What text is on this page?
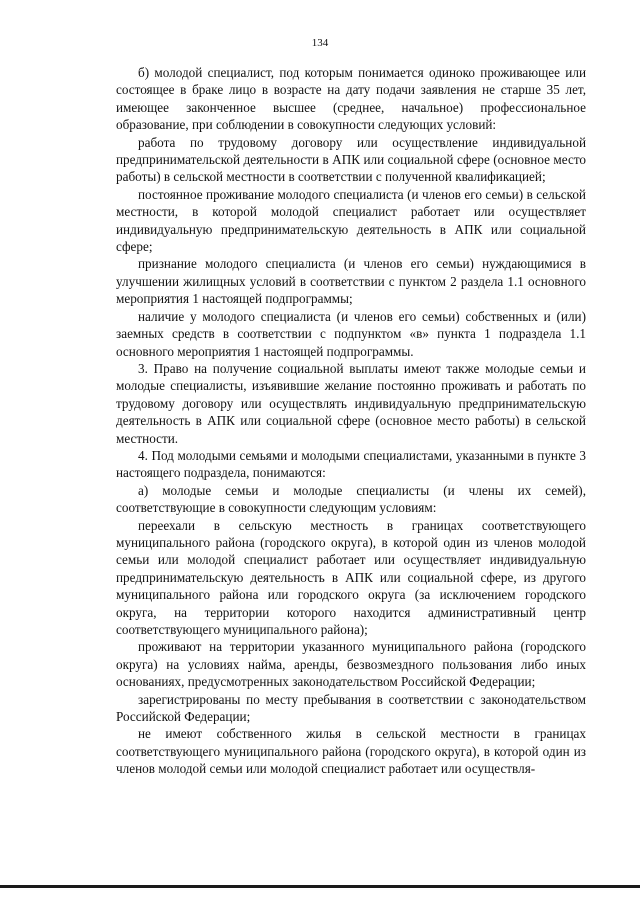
134

б) молодой специалист, под которым понимается одиноко проживающее или состоящее в браке лицо в возрасте на дату подачи заявления не старше 35 лет, имеющее законченное высшее (среднее, начальное) профессиональное образование, при соблюдении в совокупности следующих условий:

работа по трудовому договору или осуществление индивидуальной предпринимательской деятельности в АПК или социальной сфере (основное место работы) в сельской местности в соответствии с полученной квалификацией;

постоянное проживание молодого специалиста (и членов его семьи) в сельской местности, в которой молодой специалист работает или осуществляет индивидуальную предпринимательскую деятельность в АПК или социальной сфере;

признание молодого специалиста (и членов его семьи) нуждающимися в улучшении жилищных условий в соответствии с пунктом 2 раздела 1.1 основного мероприятия 1 настоящей подпрограммы;

наличие у молодого специалиста (и членов его семьи) собственных и (или) заемных средств в соответствии с подпунктом «в» пункта 1 подраздела 1.1 основного мероприятия 1 настоящей подпрограммы.

3. Право на получение социальной выплаты имеют также молодые семьи и молодые специалисты, изъявившие желание постоянно проживать и работать по трудовому договору или осуществлять индивидуальную предпринимательскую деятельность в АПК или социальной сфере (основное место работы) в сельской местности.

4. Под молодыми семьями и молодыми специалистами, указанными в пункте 3 настоящего подраздела, понимаются:

а) молодые семьи и молодые специалисты (и члены их семей), соответствующие в совокупности следующим условиям:

переехали в сельскую местность в границах соответствующего муниципального района (городского округа), в которой один из членов молодой семьи или молодой специалист работает или осуществляет индивидуальную предпринимательскую деятельность в АПК или социальной сфере, из другого муниципального района или городского округа (за исключением городского округа, на территории которого находится административный центр соответствующего муниципального района);

проживают на территории указанного муниципального района (городского округа) на условиях найма, аренды, безвозмездного пользования либо иных основаниях, предусмотренных законодательством Российской Федерации;

зарегистрированы по месту пребывания в соответствии с законодательством Российской Федерации;

не имеют собственного жилья в сельской местности в границах соответствующего муниципального района (городского округа), в которой один из членов молодой семьи или молодой специалист работает или осуществля-
